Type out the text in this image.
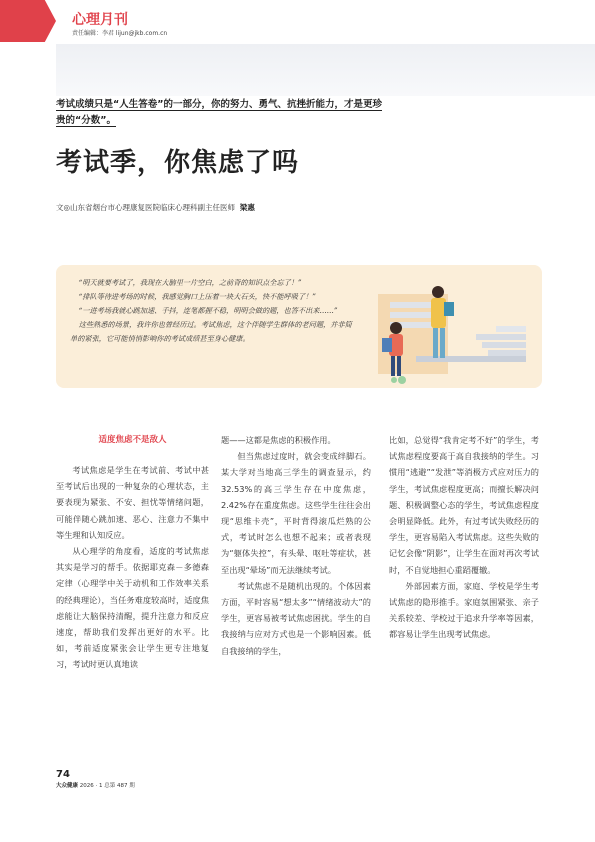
心理月刊
责任编辑：李君 lijun@jkb.com.cn
考试成绩只是“人生答卷”的一部分，你的努力、勇气、抗挫折能力，才是更珍贵的“分数”。
考试季，你焦虑了吗
文◎山东省烟台市心理康复医院临床心理科副主任医师 梁惠

“明天就要考试了，我现在大脑里一片空白，之前背的知识点全忘了！”

“排队等待进考场的时候，我感觉胸口上压着一块大石头，快不能呼吸了！”

“一进考场我就心跳加速、手抖，连笔都握不稳，明明会做的题，也答不出来……”

这些熟悉的场景，我许你也曾经历过。考试焦虑，这个伴随学生群体的老问题，并非简单的紧张，它可能悄悄影响你的考试成绩甚至身心健康。

适度焦虑不是敌人

考试焦虑是学生在考试前、考试中甚至考试后出现的一种复杂的心理状态，主要表现为紧张、不安、担忧等情绪问题，可能伴随心跳加速、恶心、注意力不集中等生理和认知反应。

从心理学的角度看，适度的考试焦虑其实是学习的帮手。依据耶克森－多德森定律（心理学中关于动机和工作效率关系的经典理论），当任务难度较高时，适度焦虑能让大脑保持清醒，提升注意力和反应速度，帮助我们发挥出更好的水平。比如，考前适度紧张会让学生更专注地复习，考试时更认真地读

题——这都是焦虑的积极作用。

但当焦虑过度时，就会变成绊脚石。某大学对当地高三学生的调查显示，约32.53%的高三学生存在中度焦虑，2.42%存在重度焦虑。这些学生往往会出现“思维卡壳”，平时背得滚瓜烂熟的公式，考试时怎么也想不起来；或者表现为“躯体失控”，有头晕、呕吐等症状，甚至出现“晕场”而无法继续考试。

考试焦虑不是随机出现的。个体因素方面，平时容易“想太多”“情绪波动大”的学生，更容易被考试焦虑困扰。学生的自我接纳与应对方式也是一个影响因素。低自我接纳的学生，

比如，总觉得“我肯定考不好”的学生，考试焦虑程度要高于高自我接纳的学生。习惯用“逃避”“发泄”等消极方式应对压力的学生，考试焦虑程度更高；而擅长解决问题、积极调整心态的学生，考试焦虑程度会明显降低。此外，有过考试失败经历的学生，更容易陷入考试焦虑。这些失败的记忆会像“阴影”，让学生在面对再次考试时，不自觉地担心重蹈覆辙。

外部因素方面，家庭、学校是学生考试焦虑的隐形推手。家庭氛围紧张、亲子关系较差、学校过于追求升学率等因素，都容易让学生出现考试焦虑。

74
大众健康 2026 · 1 总第 487 期
